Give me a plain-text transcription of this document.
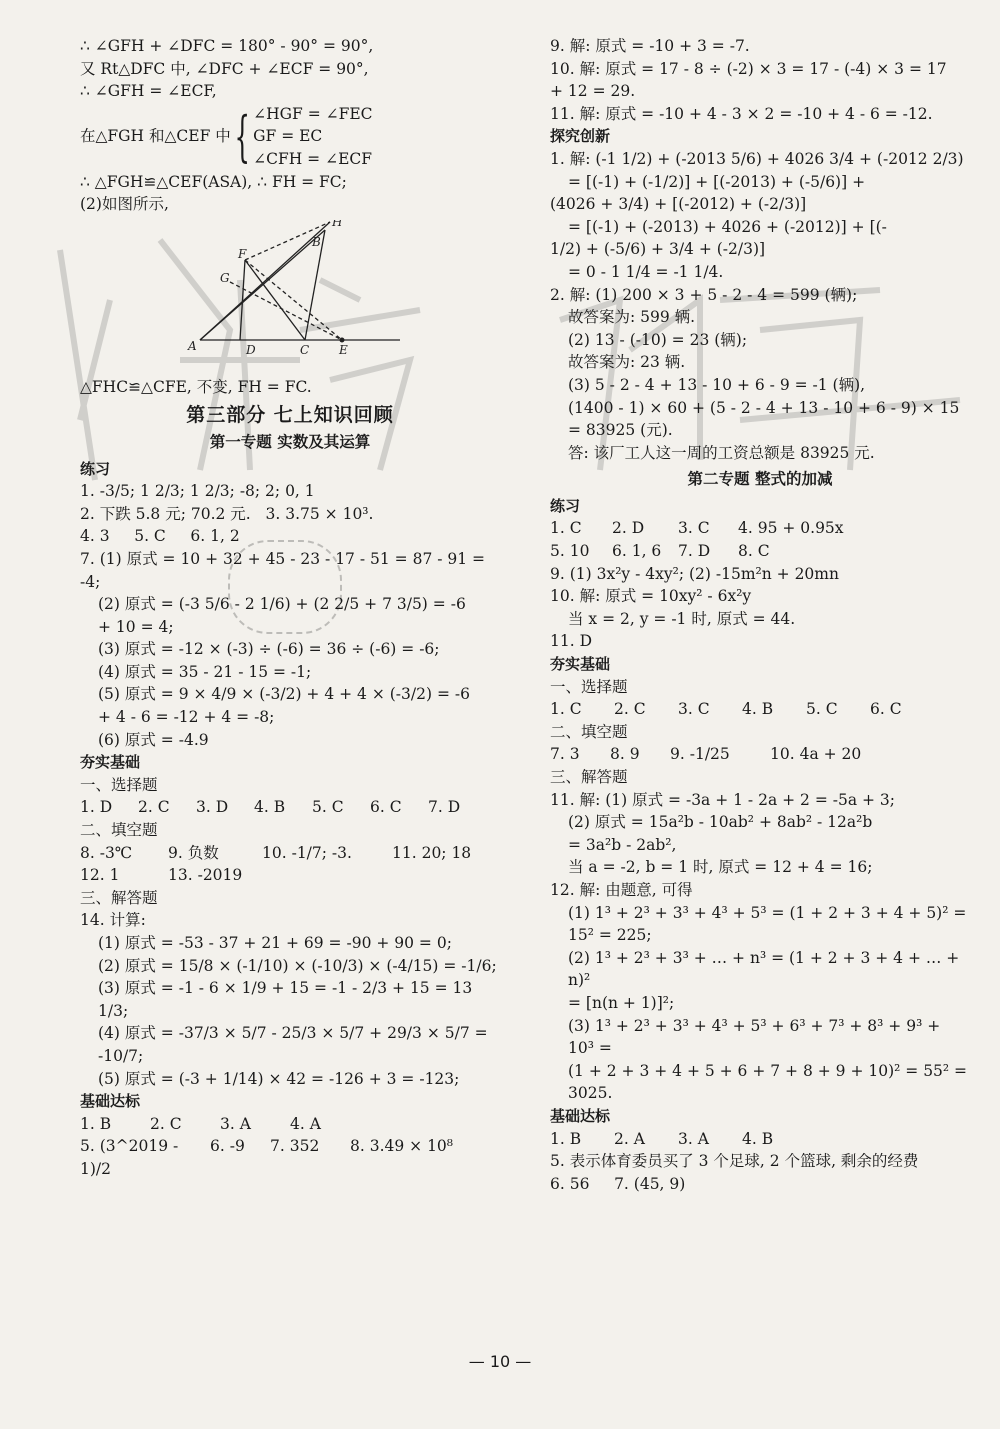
∴ ∠GFH + ∠DFC = 180° - 90° = 90°,
又 Rt△DFC 中, ∠DFC + ∠ECF = 90°,
∴ ∠GFH = ∠ECF,
在△FGH 和△CEF 中 { ∠HGF = ∠FEC
GF = EC
∠CFH = ∠ECF
∴ △FGH≌△CEF(ASA), ∴ FH = FC;
(2)如图所示,
H
B
F
G
A	D	C E
△FHC≌△CFE, 不变, FH = FC.
第三部分 七上知识回顾
第一专题 实数及其运算
练习
1. -3/5; 1 2/3; 1 2/3; -8; 2; 0, 1
2. 下跌 5.8 元; 70.2 元.   3. 3.75 × 10³.
4. 3     5. C     6. 1, 2
7. (1) 原式 = 10 + 32 + 45 - 23 - 17 - 51 = 87 - 91 = -4;
(2) 原式 = (-3 5/6 - 2 1/6) + (2 2/5 + 7 3/5) = -6
+ 10 = 4;
(3) 原式 = -12 × (-3) ÷ (-6) = 36 ÷ (-6) = -6;
(4) 原式 = 35 - 21 - 15 = -1;
(5) 原式 = 9 × 4/9 × (-3/2) + 4 + 4 × (-3/2) = -6
+ 4 - 6 = -12 + 4 = -8;
(6) 原式 = -4.9
夯实基础
一、选择题
1. D	2. C	3. D	4. B	5. C	6. C	7. D
二、填空题
8. -3℃	9. 负数	10. -1/7; -3.	11. 20; 18
12. 1	13. -2019
三、解答题
14. 计算:
(1) 原式 = -53 - 37 + 21 + 69 = -90 + 90 = 0;
(2) 原式 = 15/8 × (-1/10) × (-10/3) × (-4/15) = -1/6;
(3) 原式 = -1 - 6 × 1/9 + 15 = -1 - 2/3 + 15 = 13 1/3;
(4) 原式 = -37/3 × 5/7 - 25/3 × 5/7 + 29/3 × 5/7 = -10/7;
(5) 原式 = (-3 + 1/14) × 42 = -126 + 3 = -123;
基础达标
1. B	2. C	3. A	4. A
5. (3^2019 - 1)/2
6. -9	7. 352	8. 3.49 × 10⁸
9. 解: 原式 = -10 + 3 = -7.
10. 解: 原式 = 17 - 8 ÷ (-2) × 3 = 17 - (-4) × 3 = 17
+ 12 = 29.
11. 解: 原式 = -10 + 4 - 3 × 2 = -10 + 4 - 6 = -12.
探究创新
1. 解: (-1 1/2) + (-2013 5/6) + 4026 3/4 + (-2012 2/3)
= [(-1) + (-1/2)] + [(-2013) + (-5/6)] +
(4026 + 3/4) + [(-2012) + (-2/3)]
= [(-1) + (-2013) + 4026 + (-2012)] + [(-
1/2) + (-5/6) + 3/4 + (-2/3)]
= 0 - 1 1/4 = -1 1/4.
2. 解: (1) 200 × 3 + 5 - 2 - 4 = 599 (辆);
故答案为: 599 辆.
(2) 13 - (-10) = 23 (辆);
故答案为: 23 辆.
(3) 5 - 2 - 4 + 13 - 10 + 6 - 9 = -1 (辆),
(1400 - 1) × 60 + (5 - 2 - 4 + 13 - 10 + 6 - 9) × 15
= 83925 (元).
答: 该厂工人这一周的工资总额是 83925 元.
第二专题 整式的加减
练习
1. C	2. D	3. C	4. 95 + 0.95x
5. 10	6. 1, 6	7. D	8. C
9. (1) 3x²y - 4xy²; (2) -15m²n + 20mn
10. 解: 原式 = 10xy² - 6x²y
当 x = 2, y = -1 时, 原式 = 44.
11. D
夯实基础
一、选择题
1. C	2. C	3. C	4. B	5. C	6. C
二、填空题
7. 3	8. 9	9. -1/25	10. 4a + 20
三、解答题
11. 解: (1) 原式 = -3a + 1 - 2a + 2 = -5a + 3;
(2) 原式 = 15a²b - 10ab² + 8ab² - 12a²b
= 3a²b - 2ab²,
当 a = -2, b = 1 时, 原式 = 12 + 4 = 16;
12. 解: 由题意, 可得
(1) 1³ + 2³ + 3³ + 4³ + 5³ = (1 + 2 + 3 + 4 + 5)² =
15² = 225;
(2) 1³ + 2³ + 3³ + … + n³ = (1 + 2 + 3 + 4 + … + n)²
= [n(n + 1)]²;
(3) 1³ + 2³ + 3³ + 4³ + 5³ + 6³ + 7³ + 8³ + 9³ + 10³ =
(1 + 2 + 3 + 4 + 5 + 6 + 7 + 8 + 9 + 10)² = 55² = 3025.
基础达标
1. B	2. A	3. A	4. B
5. 表示体育委员买了 3 个足球, 2 个篮球, 剩余的经费
6. 56     7. (45, 9)
— 10 —
